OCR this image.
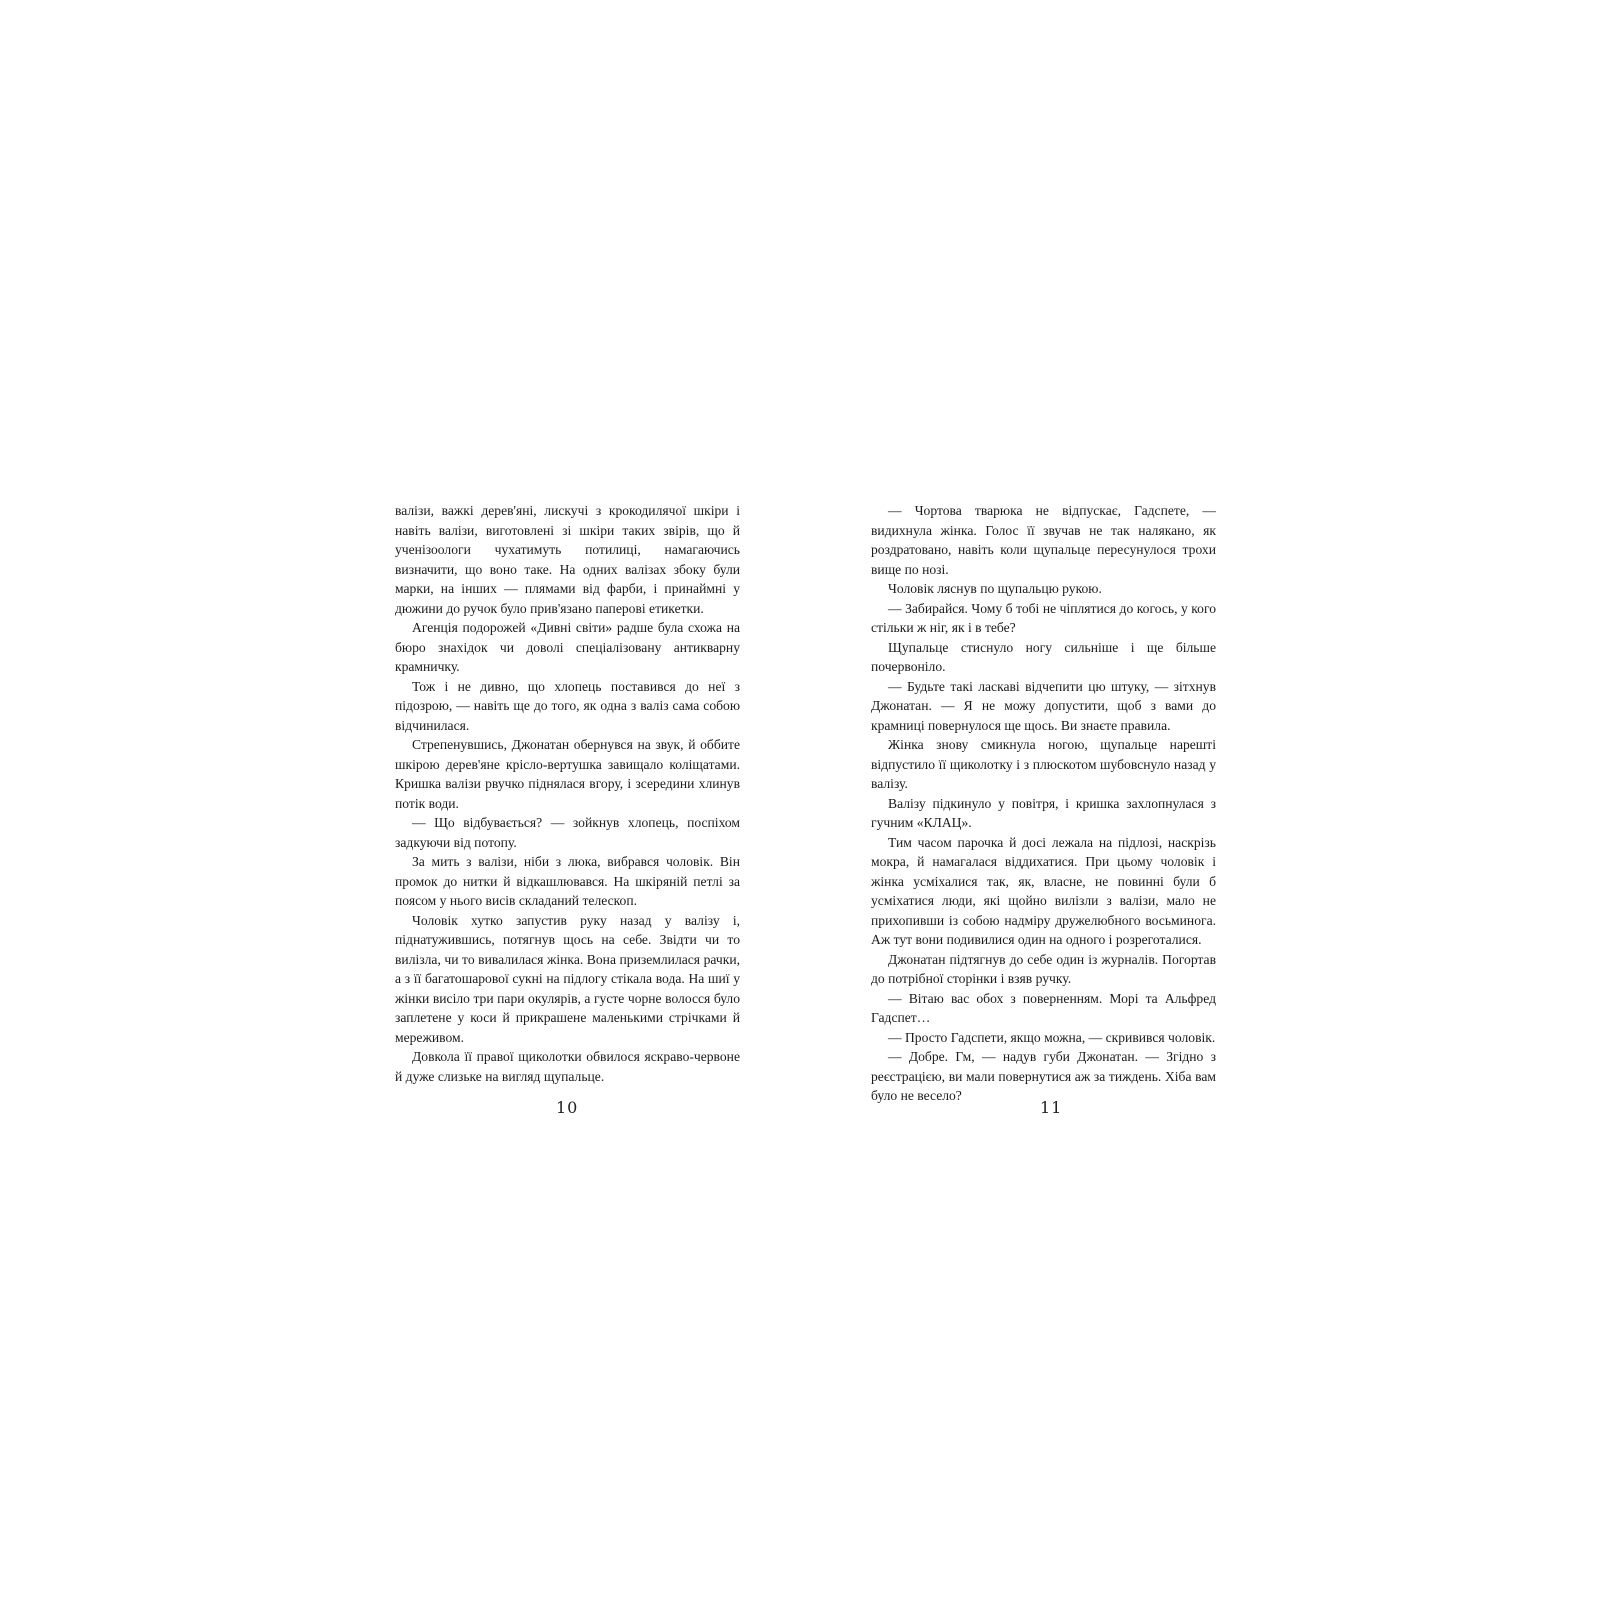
валізи, важкі дерев'яні, лискучі з крокодилячої шкіри і навіть валізи, виготовлені зі шкіри таких звірів, що й ученізоологи чухатимуть потилиці, намагаючись визначити, що воно таке. На одних валізах збоку були марки, на інших — плямами від фарби, і принаймні у дюжини до ручок було прив'язано паперові етикетки.

Агенція подорожей «Дивні світи» радше була схожа на бюро знахідок чи доволі спеціалізовану антикварну крамничку.

Тож і не дивно, що хлопець поставився до неї з підозрою, — навіть ще до того, як одна з валіз сама собою відчинилася.

Стрепенувшись, Джонатан обернувся на звук, й оббите шкірою дерев'яне крісло-вертушка завищало коліщатами. Кришка валізи рвучко піднялася вгору, і зсередини хлинув потік води.

— Що відбувається? — зойкнув хлопець, поспіхом задкуючи від потопу.

За мить з валізи, ніби з люка, вибрався чоловік. Він промок до нитки й відкашлювався. На шкіряній петлі за поясом у нього висів складаний телескоп.

Чоловік хутко запустив руку назад у валізу і, піднатужившись, потягнув щось на себе. Звідти чи то вилізла, чи то вивалилася жінка. Вона приземлилася рачки, а з її багатошарової сукні на підлогу стікала вода. На шиї у жінки висіло три пари окулярів, а густе чорне волосся було заплетене у коси й прикрашене маленькими стрічками й мереживом.

Довкола її правої щиколотки обвилося яскраво-червоне й дуже слизьке на вигляд щупальце.

10

— Чортова тварюка не відпускає, Гадспете, — видихнула жінка. Голос її звучав не так налякано, як роздратовано, навіть коли щупальце пересунулося трохи вище по нозі.

Чоловік ляснув по щупальцю рукою.

— Забирайся. Чому б тобі не чіплятися до когось, у кого стільки ж ніг, як і в тебе?

Щупальце стиснуло ногу сильніше і ще більше почервоніло.

— Будьте такі ласкаві відчепити цю штуку, — зітхнув Джонатан. — Я не можу допустити, щоб з вами до крамниці повернулося ще щось. Ви знаєте правила.

Жінка знову смикнула ногою, щупальце нарешті відпустило її щиколотку і з плюскотом шубовснуло назад у валізу.

Валізу підкинуло у повітря, і кришка захлопнулася з гучним «КЛАЦ».

Тим часом парочка й досі лежала на підлозі, наскрізь мокра, й намагалася віддихатися. При цьому чоловік і жінка усміхалися так, як, власне, не повинні були б усміхатися люди, які щойно вилізли з валізи, мало не прихопивши із собою надміру дружелюбного восьминога. Аж тут вони подивилися один на одного і розреготалися.

Джонатан підтягнув до себе один із журналів. Погортав до потрібної сторінки і взяв ручку.

— Вітаю вас обох з поверненням. Морі та Альфред Гадспет…

— Просто Гадспети, якщо можна, — скривився чоловік.

— Добре. Гм, — надув губи Джонатан. — Згідно з реєстрацією, ви мали повернутися аж за тиждень. Хіба вам було не весело?

11
